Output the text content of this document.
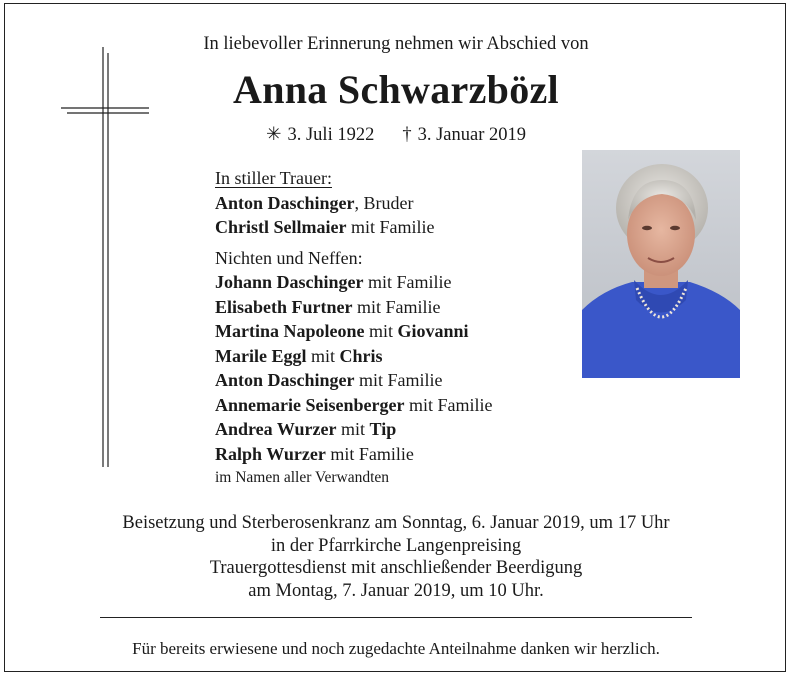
In liebevoller Erinnerung nehmen wir Abschied von
Anna Schwarzbözl
✳ 3. Juli 1922 † 3. Januar 2019
In stiller Trauer:
Anton Daschinger, Bruder
Christl Sellmaier mit Familie
Nichten und Neffen:
Johann Daschinger mit Familie
Elisabeth Furtner mit Familie
Martina Napoleone mit Giovanni
Marile Eggl mit Chris
Anton Daschinger mit Familie
Annemarie Seisenberger mit Familie
Andrea Wurzer mit Tip
Ralph Wurzer mit Familie
im Namen aller Verwandten
Beisetzung und Sterberosenkranz am Sonntag, 6. Januar 2019, um 17 Uhr
in der Pfarrkirche Langenpreising
Trauergottesdienst mit anschließender Beerdigung
am Montag, 7. Januar 2019, um 10 Uhr.
Für bereits erwiesene und noch zugedachte Anteilnahme danken wir herzlich.
